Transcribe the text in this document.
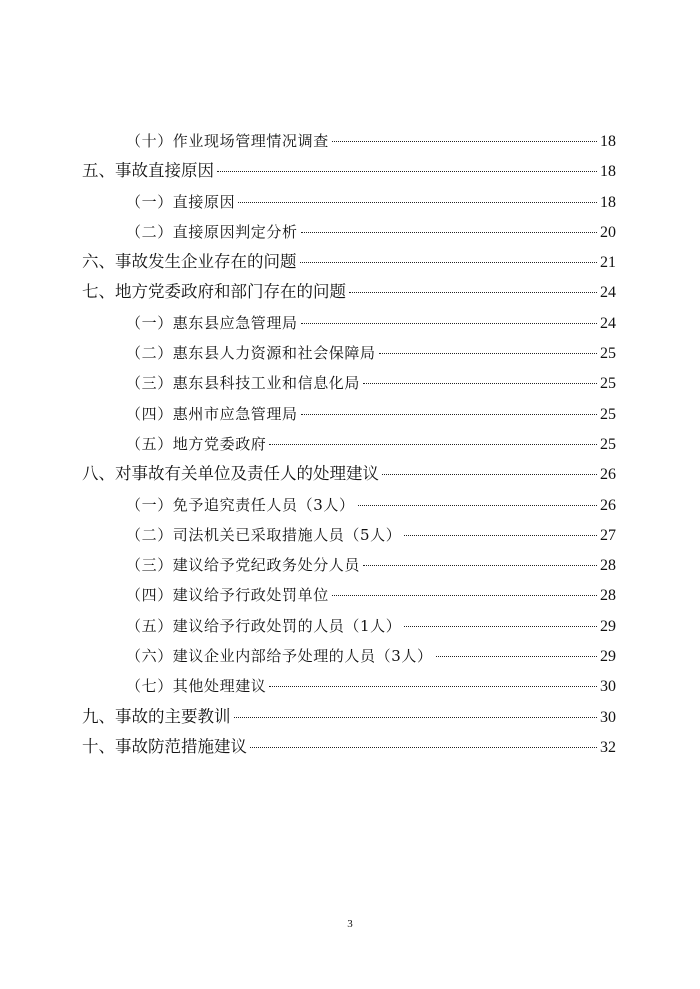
（十）作业现场管理情况调查	18
五、事故直接原因	18
（一）直接原因	18
（二）直接原因判定分析	20
六、事故发生企业存在的问题	21
七、地方党委政府和部门存在的问题	24
（一）惠东县应急管理局	24
（二）惠东县人力资源和社会保障局	25
（三）惠东县科技工业和信息化局	25
（四）惠州市应急管理局	25
（五）地方党委政府	25
八、对事故有关单位及责任人的处理建议	26
（一）免予追究责任人员（3人）	26
（二）司法机关已采取措施人员（5人）	27
（三）建议给予党纪政务处分人员	28
（四）建议给予行政处罚单位	28
（五）建议给予行政处罚的人员（1人）	29
（六）建议企业内部给予处理的人员（3人）	29
（七）其他处理建议	30
九、事故的主要教训	30
十、事故防范措施建议	32
3
